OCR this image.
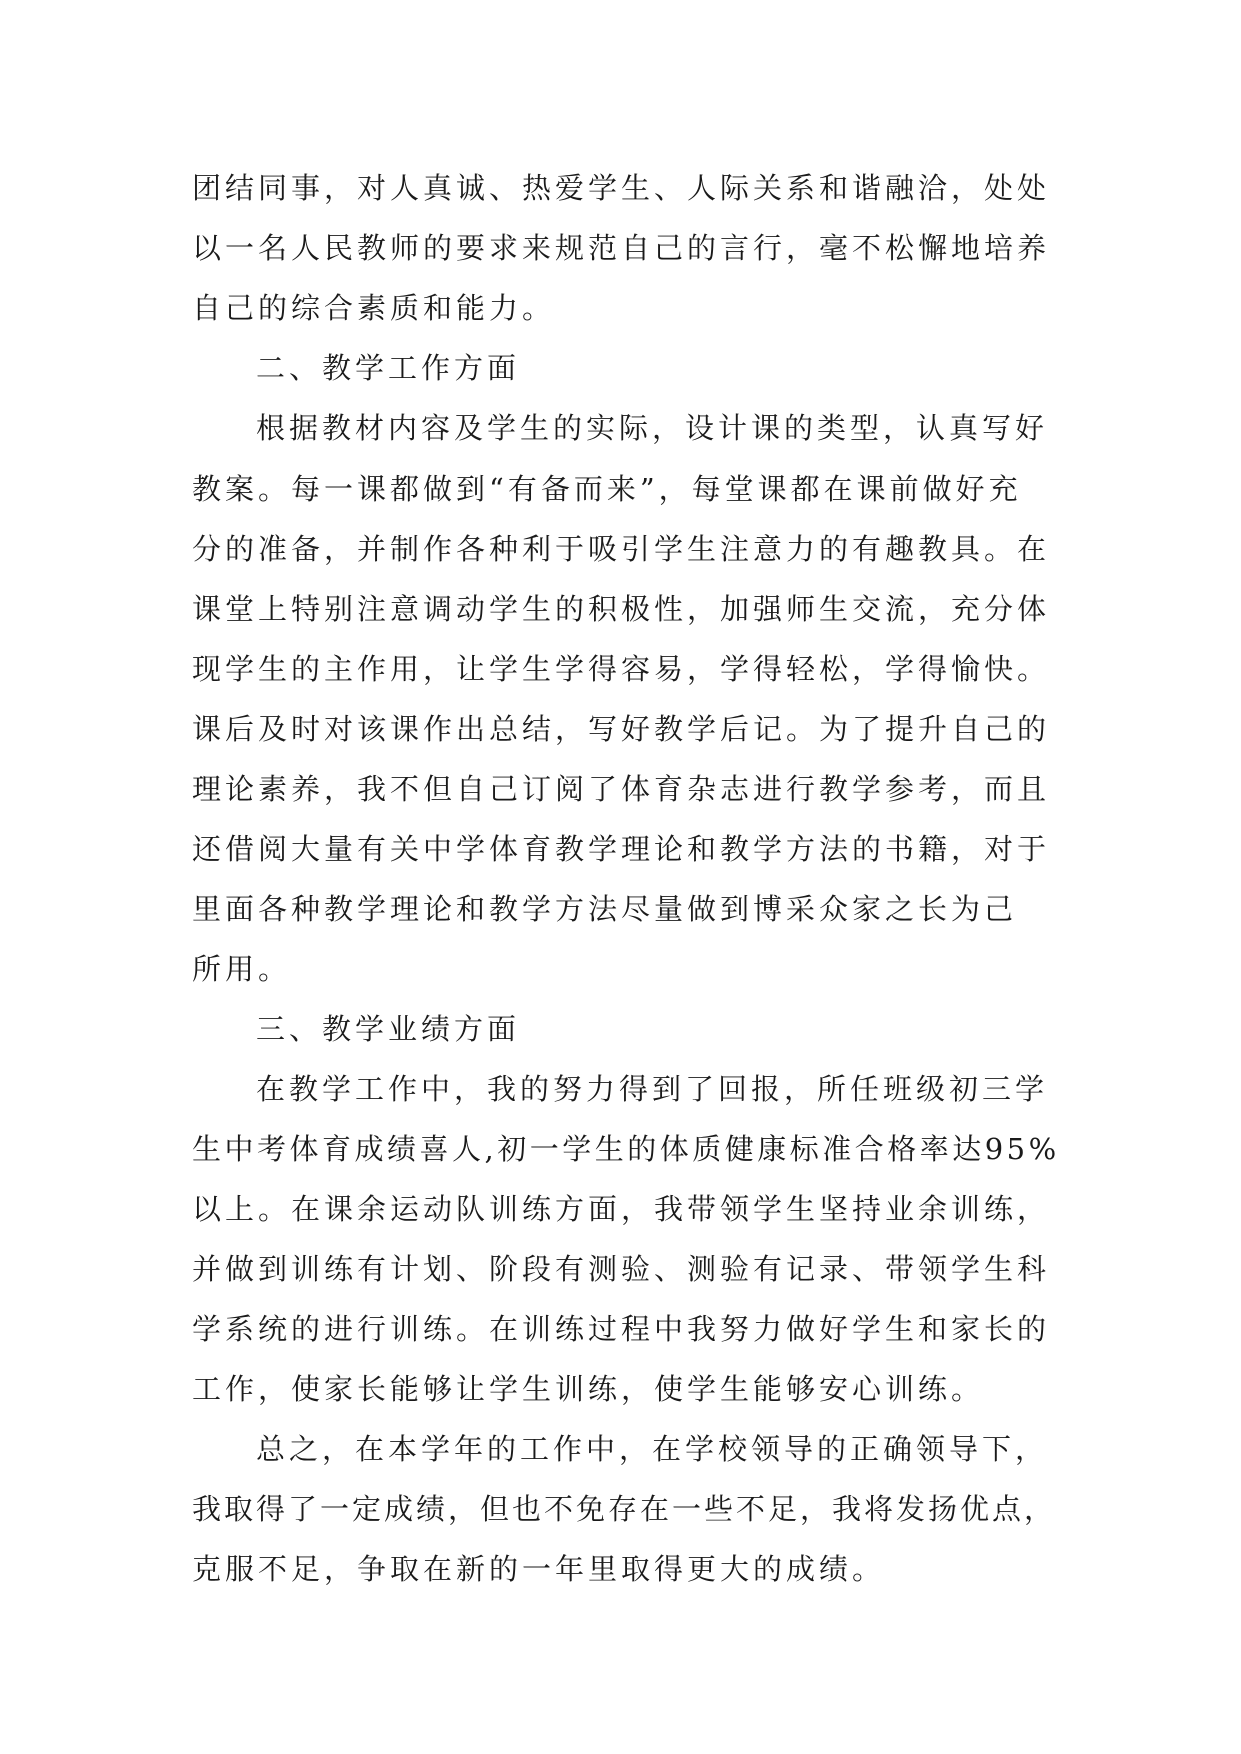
团结同事，对人真诚、热爱学生、人际关系和谐融洽，处处

以一名人民教师的要求来规范自己的言行，毫不松懈地培养

自己的综合素质和能力。

二、教学工作方面

根据教材内容及学生的实际，设计课的类型，认真写好

教案。每一课都做到“有备而来”，每堂课都在课前做好充

分的准备，并制作各种利于吸引学生注意力的有趣教具。在

课堂上特别注意调动学生的积极性，加强师生交流，充分体

现学生的主作用，让学生学得容易，学得轻松，学得愉快。

课后及时对该课作出总结，写好教学后记。为了提升自己的

理论素养，我不但自己订阅了体育杂志进行教学参考，而且

还借阅大量有关中学体育教学理论和教学方法的书籍，对于

里面各种教学理论和教学方法尽量做到博采众家之长为己

所用。

三、教学业绩方面

在教学工作中，我的努力得到了回报，所任班级初三学

生中考体育成绩喜人,初一学生的体质健康标准合格率达95%

以上。在课余运动队训练方面，我带领学生坚持业余训练，

并做到训练有计划、阶段有测验、测验有记录、带领学生科

学系统的进行训练。在训练过程中我努力做好学生和家长的

工作，使家长能够让学生训练，使学生能够安心训练。

总之，在本学年的工作中，在学校领导的正确领导下，

我取得了一定成绩，但也不免存在一些不足，我将发扬优点，

克服不足，争取在新的一年里取得更大的成绩。
